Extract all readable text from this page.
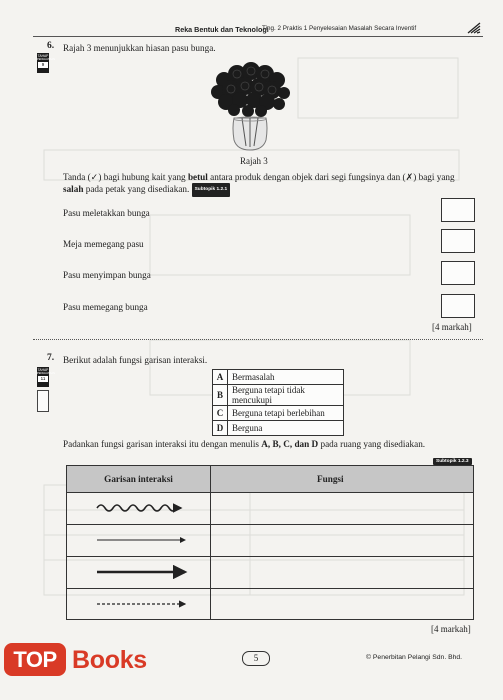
Reka Bentuk dan Teknologi
Ting. 2 Praktis 1 Penyelesaian Masalah Secara Inventif
TAHAP
PENGUASAAN
9
6. Rajah 3 menunjukkan hiasan pasu bunga.
Rajah 3
Tanda (✓) bagi hubung kait yang betul antara produk dengan objek dari segi fungsinya dan (✗) bagi yang
salah pada petak yang disediakan. Subtopik 1.2.1
Pasu meletakkan bunga
Meja memegang pasu
Pasu menyimpan bunga
Pasu memegang bunga
[4 markah]
TAHAP
PENGUASAAN
11
7. Berikut adalah fungsi garisan interaksi.
A	Bermasalah
B	Berguna tetapi tidak mencukupi
C	Berguna tetapi berlebihan
D	Berguna
Padankan fungsi garisan interaksi itu dengan menulis A, B, C, dan D pada ruang yang disediakan.
Subtopik 1.2.3
Garisan interaksi	Fungsi
[4 markah]
5	© Penerbitan Pelangi Sdn. Bhd.
TOP Books
